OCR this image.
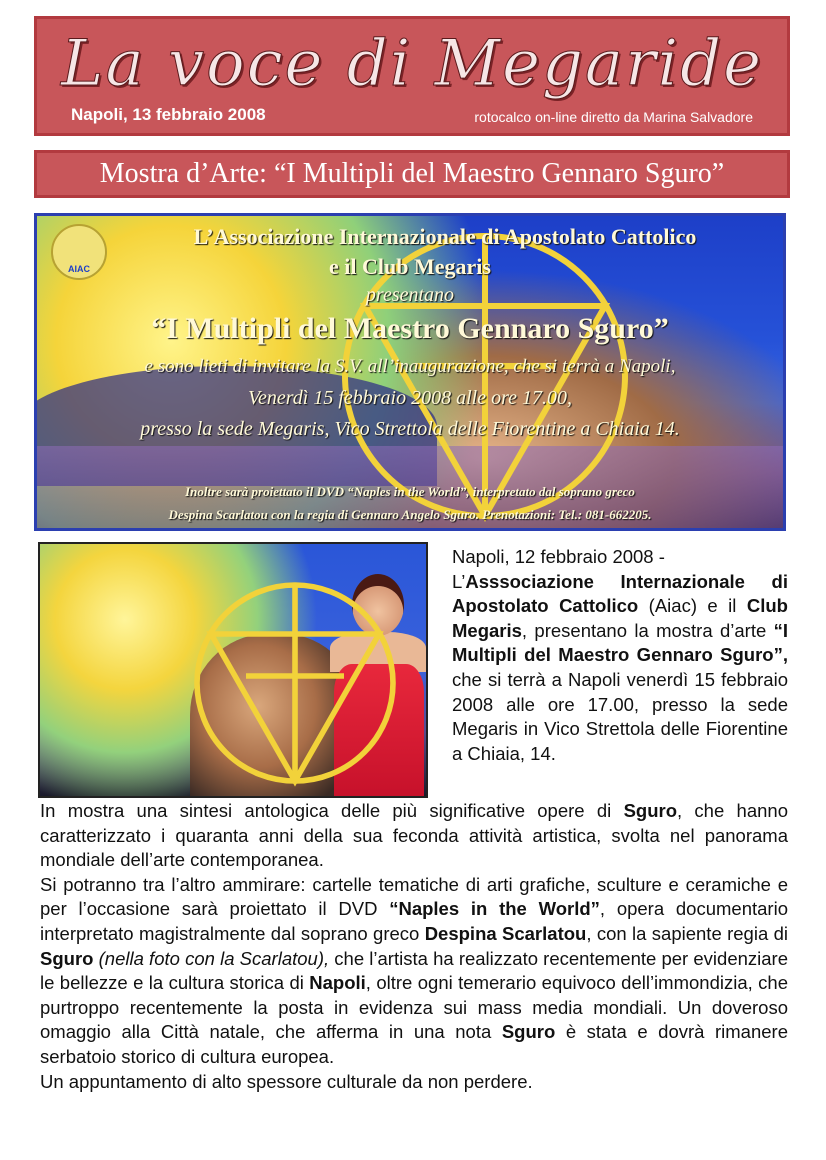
La voce di Megaride
Napoli, 13 febbraio 2008	rotocalco on-line diretto da Marina Salvadore
Mostra d’Arte: “I Multipli del Maestro Gennaro Sguro”
AIAC
L’Associazione Internazionale di Apostolato Cattolico
e il Club Megaris
presentano
“I Multipli del Maestro Gennaro Sguro”
e sono lieti di invitare la S.V. all’inaugurazione, che si terrà a Napoli,
Venerdì 15 febbraio 2008 alle ore 17.00,
presso la sede Megaris, Vico Strettola delle Fiorentine a Chiaia 14.
Inoltre sarà proiettato il DVD “Naples in the World”, interpretato dal soprano greco
Despina Scarlatou con la regia di Gennaro Angelo Sguro. Prenotazioni: Tel.: 081-662205.

Napoli, 12 febbraio 2008 -

L’Asssociazione Internazionale di Apostolato Cattolico (Aiac) e il Club Megaris, presentano la mostra d’arte “I Multipli del Maestro Gennaro Sguro”, che si terrà a Napoli venerdì 15 febbraio 2008 alle ore 17.00, presso la sede Megaris in Vico Strettola delle Fiorentine a Chiaia, 14.

In mostra una sintesi antologica delle più significative opere di Sguro, che hanno caratterizzato i quaranta anni della sua feconda attività artistica, svolta nel panorama mondiale dell’arte contemporanea.

Si potranno tra l’altro ammirare: cartelle tematiche di arti grafiche, sculture e ceramiche e per l’occasione sarà proiettato il DVD “Naples in the World”, opera documentario interpretato magistralmente dal soprano greco Despina Scarlatou, con la sapiente regia di Sguro (nella foto con la Scarlatou), che l’artista ha realizzato recentemente per evidenziare le bellezze e la cultura storica di Napoli, oltre ogni temerario equivoco dell’immondizia, che purtroppo recentemente la posta in evidenza sui mass media mondiali. Un doveroso omaggio alla Città natale, che afferma in una nota Sguro è stata e dovrà rimanere serbatoio storico di cultura europea.

Un appuntamento di alto spessore culturale da non perdere.
